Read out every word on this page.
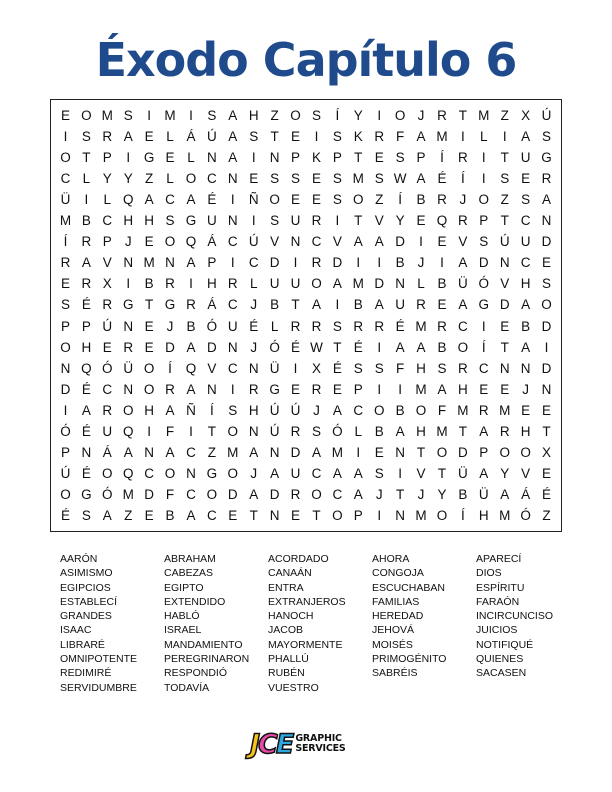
Éxodo Capítulo 6
E O M S	I M I	S A H Z O S	Í	Y	I	O J R T M Z X Ú
I	S R A E L Á Ú A S T E	I	S K R F A M I	L	I	A S
O T P	I	G E L N A	I	N P K P T E S P	Í	R	I	T U G
C L Y Y Z L O C N E S S E S M S W A É	Í	I	S E R
Ü	I	L Q A C A É	I	Ñ O E E S O Z	Í	B R J O Z S A
M B C H H S G U N	I	S U R	I	T V Y E Q R P T C N
Í	R P J E O Q Á C Ú V N C V A A D	I	E V S Ú U D
R A V N M N A P	I	C D	I	R D	I	I	B J	I	A D N C E
E R X	I	B R	I	H R L U U O A M D N L B Ü Ó V H S
S É R G T G R Á C J B T A	I	B A U R E A G D A O
P P Ú N E J B Ó U É L R R S R R É M R C	I	E B D
O H E R E D A D N J Ó É W T É	I	A A B O	Í	T A	I
N Q Ó Ü O	Í	Q V C N Ü	I	X É S S F H S R C N N D
D É C N O R A N	I	R G E R E P	I	I M A H E E J N
I	A R O H A Ñ	Í	S H Ú Ú J A C O B O F M R M E E
Ó É U Q	I	F	I	T O N Ú R S Ó L B A H M T A R H T
P N Á A N A C Z M A N D A M I	E N T O D P O O X
Ú É O Q C O N G O J A U C A A S	I	V T Ü A Y V E
O G Ó M D F C O D A D R O C A J T J Y B Ü A Á É
É S A Z E B A C E T N E T O P	I	N M O	Í	H M Ó Z
AARÓN	ABRAHAM	ACORDADO	AHORA	APARECÍ
ASIMISMO	CABEZAS	CANAÁN	CONGOJA	DIOS
EGIPCIOS	EGIPTO	ENTRA	ESCUCHABAN	ESPÍRITU
ESTABLECÍ	EXTENDIDO	EXTRANJEROS	FAMILIAS	FARAÓN
GRANDES	HABLÓ	HANOCH	HEREDAD	INCIRCUNCISO
ISAAC	ISRAEL	JACOB	JEHOVÁ	JUICIOS
LIBRARÉ	MANDAMIENTO	MAYORMENTE	MOISÉS	NOTIFIQUÉ
OMNIPOTENTE	PEREGRINARON	PHALLÚ	PRIMOGÉNITO	QUIENES
REDIMIRÉ	RESPONDIÓ	RUBÉN	SABRÉIS	SACASEN
SERVIDUMBRE	TODAVÍA	VUESTRO
J C E GRAPHIC
SERVICES
